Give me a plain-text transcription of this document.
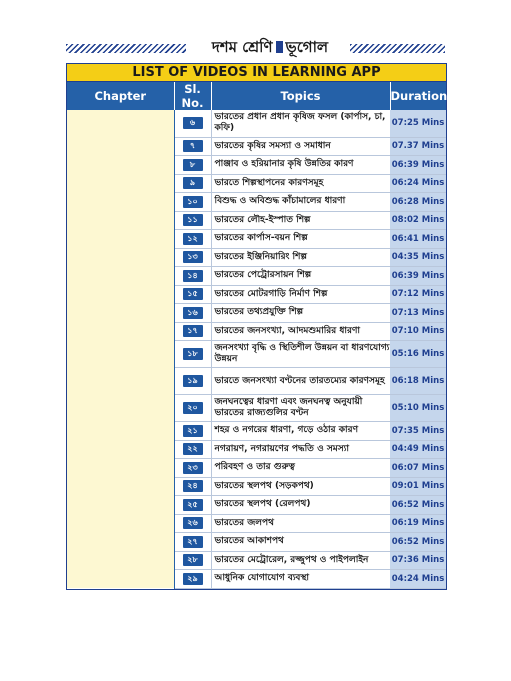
দশম শ্রেণি ভূগোল
LIST OF VIDEOS IN LEARNING APP
Chapter	Sl. No.	Topics	Duration
	৬	ভারতের প্রধান প্রধান কৃষিজ ফসল (কার্পাস, চা, কফি)	07:25 Mins
	৭	ভারতের কৃষির সমস্যা ও সমাধান	07.37 Mins
	৮	পাঞ্জাব ও হরিয়ানার কৃষি উন্নতির কারণ	06:39 Mins
	৯	ভারতে শিল্পস্থাপনের কারণসমূহ	06:24 Mins
	১০	বিশুদ্ধ ও অবিশুদ্ধ কাঁচামালের ধারণা	06:28 Mins
	১১	ভারতের লৌহ-ইস্পাত শিল্প	08:02 Mins
	১২	ভারতের কার্পাস-বয়ন শিল্প	06:41 Mins
	১৩	ভারতের ইঞ্জিনিয়ারিং শিল্প	04:35 Mins
	১৪	ভারতের পেট্রোরসায়ন শিল্প	06:39 Mins
	১৫	ভারতের মোটরগাড়ি নির্মাণ শিল্প	07:12 Mins
	১৬	ভারতের তথ্যপ্রযুক্তি শিল্প	07:13 Mins
	১৭	ভারতের জনসংখ্যা, আদমশুমারির ধারণা	07:10 Mins
	১৮	জনসংখ্যা বৃদ্ধি ও স্থিতিশীল উন্নয়ন বা ধারণযোগ্য উন্নয়ন	05:16 Mins
	১৯	ভারতে জনসংখ্যা বণ্টনের তারতম্যের কারণসমূহ	06:18 Mins
	২০	জনঘনত্বের ধারণা এবং জনঘনত্ব অনুযায়ী ভারতের রাজ্যগুলির বণ্টন	05:10 Mins
	২১	শহর ও নগরের ধারণা, গড়ে ওঠার কারণ	07:35 Mins
	২২	নগরায়ণ, নগরায়ণের পদ্ধতি ও সমস্যা	04:49 Mins
	২৩	পরিবহণ ও তার গুরুত্ব	06:07 Mins
	২৪	ভারতের স্থলপথ (সড়কপথ)	09:01 Mins
	২৫	ভারতের স্থলপথ (রেলপথ)	06:52 Mins
	২৬	ভারতের জলপথ	06:19 Mins
	২৭	ভারতের আকাশপথ	06:52 Mins
	২৮	ভারতের মেট্রোরেল, রজ্জুপথ ও পাইপলাইন	07:36 Mins
	২৯	আধুনিক যোগাযোগ ব্যবস্থা	04:24 Mins
